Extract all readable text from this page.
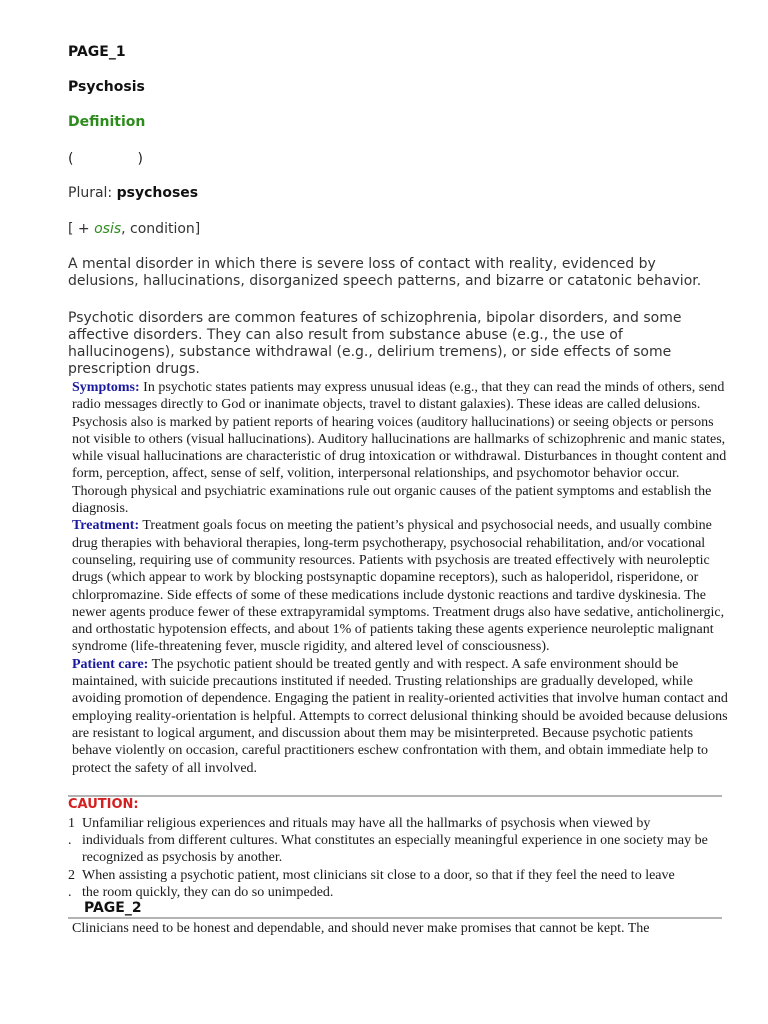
PAGE_1
Psychosis
Definition
(	)
Plural: psychoses
[ + osis, condition]
A mental disorder in which there is severe loss of contact with reality, evidenced by delusions, hallucinations, disorganized speech patterns, and bizarre or catatonic behavior.
Psychotic disorders are common features of schizophrenia, bipolar disorders, and some affective disorders. They can also result from substance abuse (e.g., the use of hallucinogens), substance withdrawal (e.g., delirium tremens), or side effects of some prescription drugs.

Symptoms: In psychotic states patients may express unusual ideas (e.g., that they can read the minds of others, send radio messages directly to God or inanimate objects, travel to distant galaxies). These ideas are called delusions. Psychosis also is marked by patient reports of hearing voices (auditory hallucinations) or seeing objects or persons not visible to others (visual hallucinations). Auditory hallucinations are hallmarks of schizophrenic and manic states, while visual hallucinations are characteristic of drug intoxication or withdrawal. Disturbances in thought content and form, perception, affect, sense of self, volition, interpersonal relationships, and psychomotor behavior occur. Thorough physical and psychiatric examinations rule out organic causes of the patient symptoms and establish the diagnosis.

Treatment: Treatment goals focus on meeting the patient’s physical and psychosocial needs, and usually combine drug therapies with behavioral therapies, long-term psychotherapy, psychosocial rehabilitation, and/or vocational counseling, requiring use of community resources. Patients with psychosis are treated effectively with neuroleptic drugs (which appear to work by blocking postsynaptic dopamine receptors), such as haloperidol, risperidone, or chlorpromazine. Side effects of some of these medications include dystonic reactions and tardive dyskinesia. The newer agents produce fewer of these extrapyramidal symptoms. Treatment drugs also have sedative, anticholinergic, and orthostatic hypotension effects, and about 1% of patients taking these agents experience neuroleptic malignant syndrome (life-threatening fever, muscle rigidity, and altered level of consciousness).

Patient care: The psychotic patient should be treated gently and with respect. A safe environment should be maintained, with suicide precautions instituted if needed. Trusting relationships are gradually developed, while avoiding promotion of dependence. Engaging the patient in reality-oriented activities that involve human contact and employing reality-orientation is helpful. Attempts to correct delusional thinking should be avoided because delusions are resistant to logical argument, and discussion about them may be misinterpreted. Because psychotic patients behave violently on occasion, careful practitioners eschew confrontation with them, and obtain immediate help to protect the safety of all involved.

CAUTION:
1
.
Unfamiliar religious experiences and rituals may have all the hallmarks of psychosis when viewed by
individuals from different cultures. What constitutes an especially meaningful experience in one society may be recognized as psychosis by another.
2
.
When assisting a psychotic patient, most clinicians sit close to a door, so that if they feel the need to leave
the room quickly, they can do so unimpeded.
PAGE_2
Clinicians need to be honest and dependable, and should never make promises that cannot be kept. The
